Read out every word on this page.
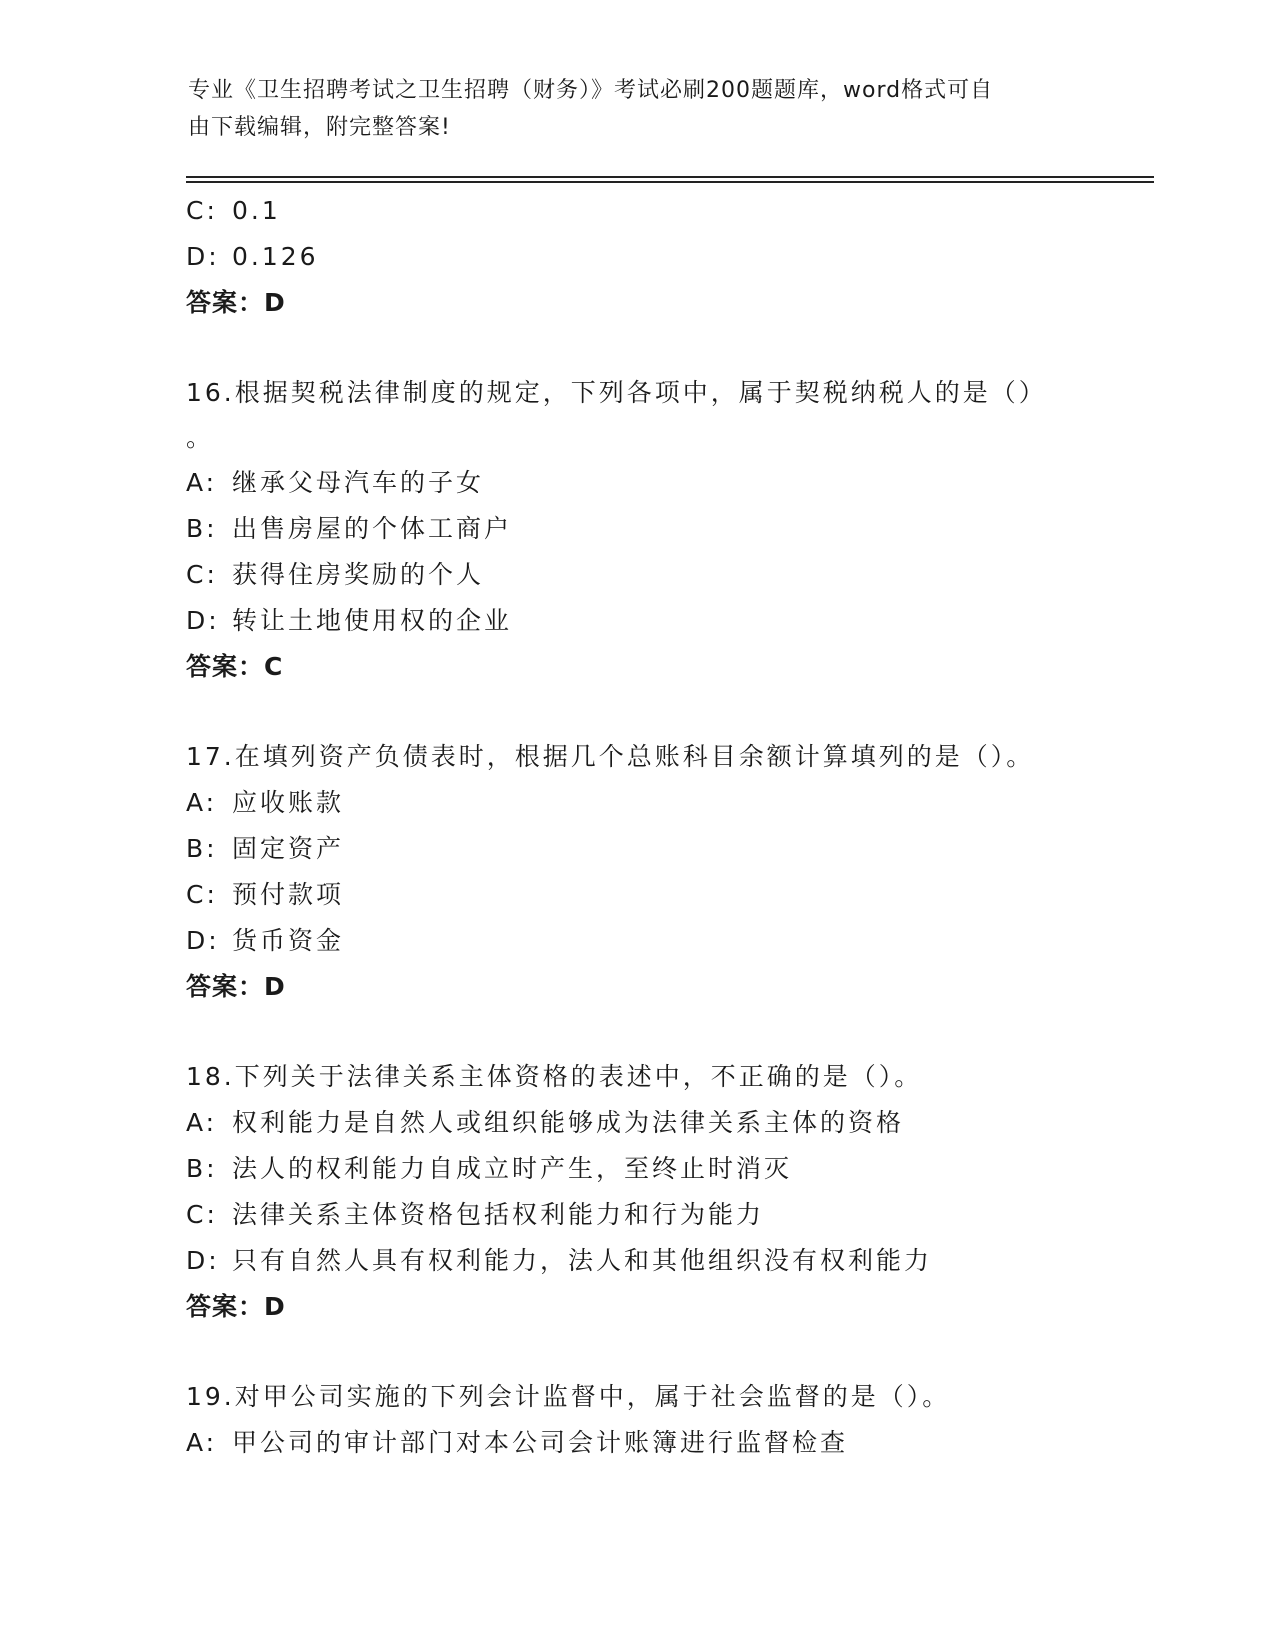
专业《卫生招聘考试之卫生招聘（财务）》考试必刷200题题库，word格式可自
由下载编辑，附完整答案!
C: 0.1
D: 0.126
答案：D
16.根据契税法律制度的规定，下列各项中，属于契税纳税人的是（）
。
A: 继承父母汽车的子女
B: 出售房屋的个体工商户
C: 获得住房奖励的个人
D: 转让土地使用权的企业
答案：C
17.在填列资产负债表时，根据几个总账科目余额计算填列的是（）。
A: 应收账款
B: 固定资产
C: 预付款项
D: 货币资金
答案：D
18.下列关于法律关系主体资格的表述中，不正确的是（）。
A: 权利能力是自然人或组织能够成为法律关系主体的资格
B: 法人的权利能力自成立时产生，至终止时消灭
C: 法律关系主体资格包括权利能力和行为能力
D: 只有自然人具有权利能力，法人和其他组织没有权利能力
答案：D
19.对甲公司实施的下列会计监督中，属于社会监督的是（）。
A: 甲公司的审计部门对本公司会计账簿进行监督检查
